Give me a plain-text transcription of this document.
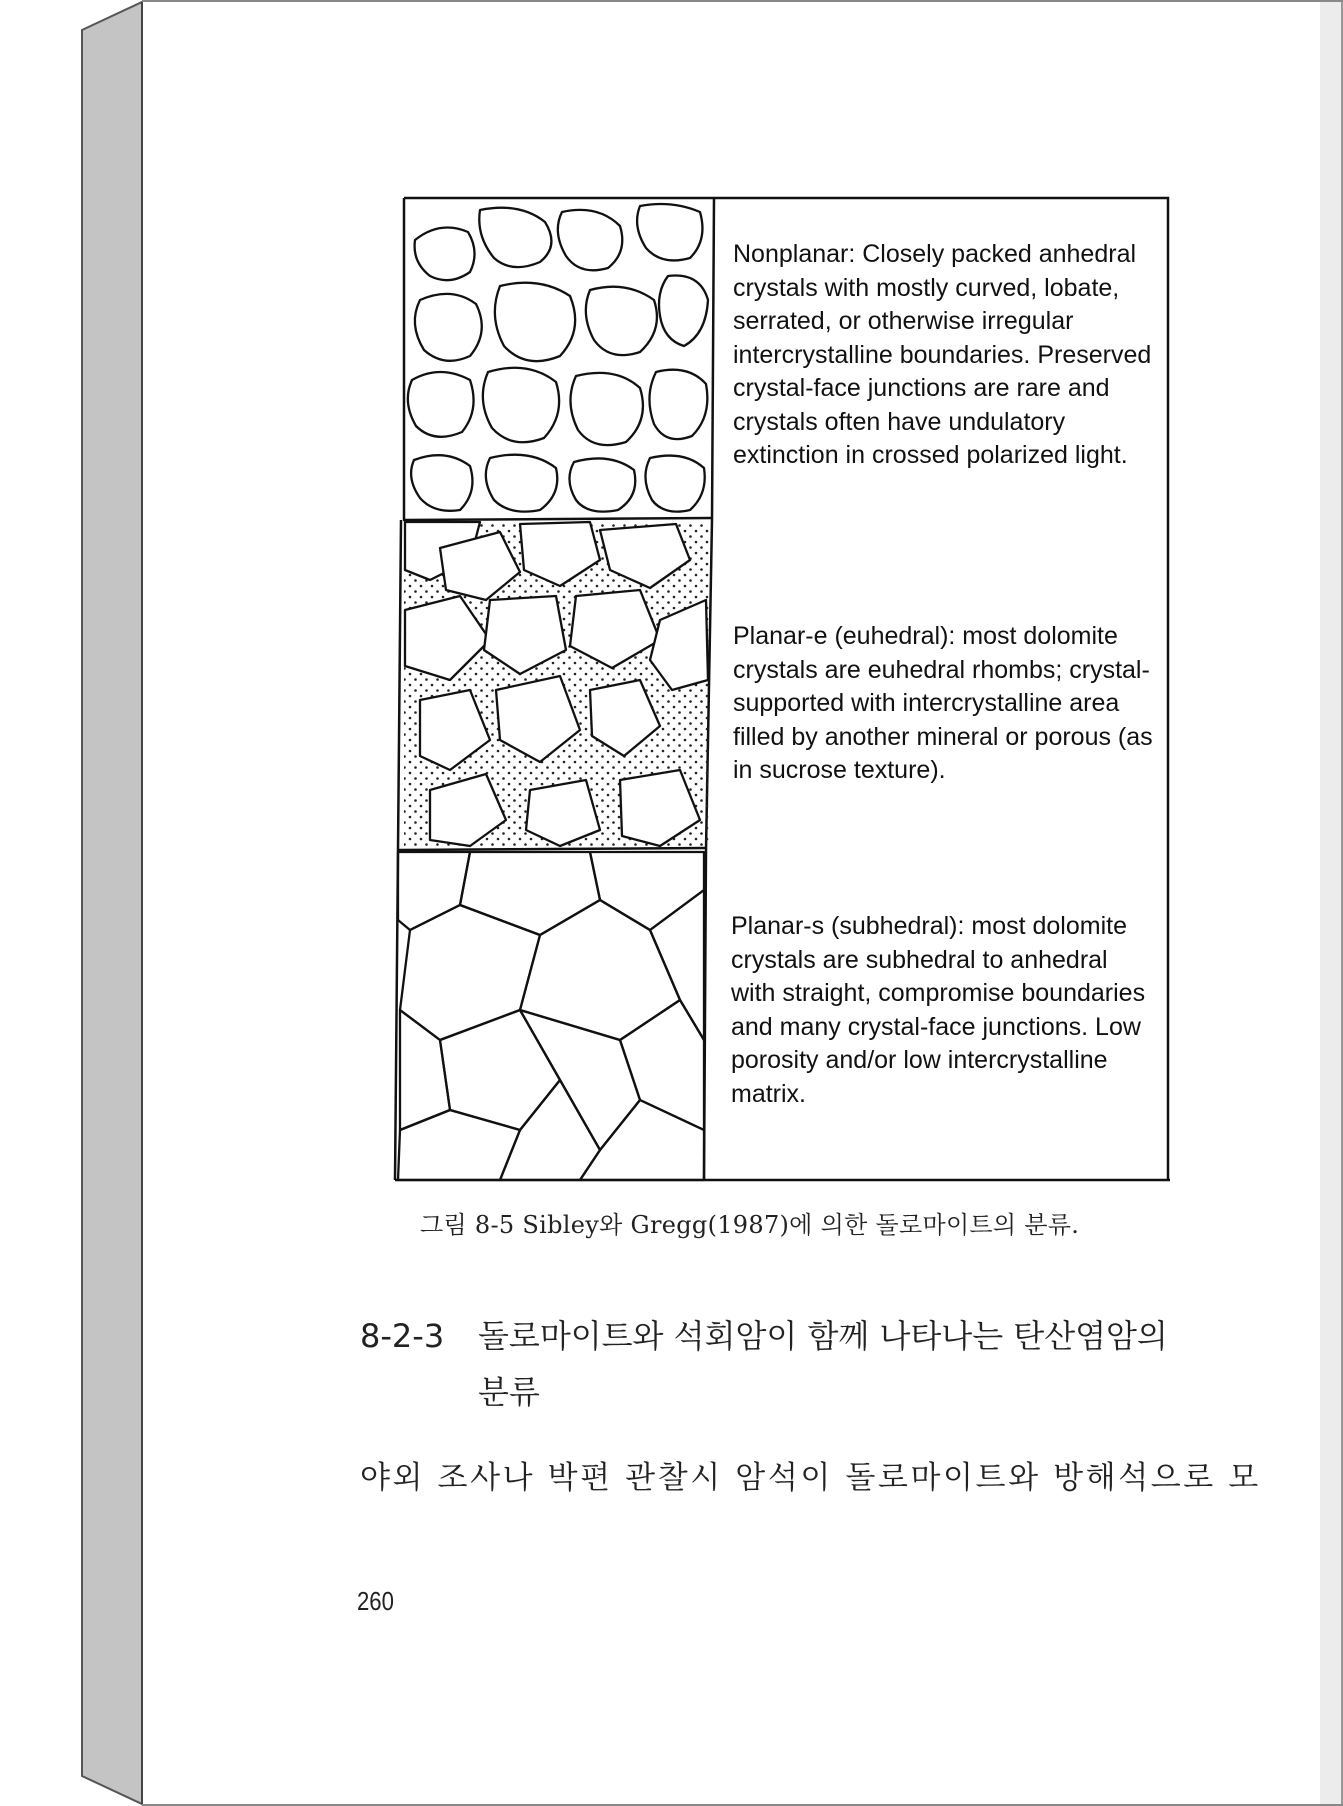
Nonplanar: Closely packed anhedral
crystals with mostly curved, lobate,
serrated, or otherwise irregular
intercrystalline boundaries. Preserved
crystal-face junctions are rare and
crystals often have undulatory
extinction in crossed polarized light.

Planar-e (euhedral): most dolomite
crystals are euhedral rhombs; crystal-
supported with intercrystalline area
filled by another mineral or porous (as
in sucrose texture).

Planar-s (subhedral): most dolomite
crystals are subhedral to anhedral
with straight, compromise boundaries
and many crystal-face junctions. Low
porosity and/or low intercrystalline
matrix.

그림 8-5 Sibley와 Gregg(1987)에 의한 돌로마이트의 분류.
8-2-3 돌로마이트와 석회암이 함께 나타나는 탄산염암의
분류
야외 조사나 박편 관찰시 암석이 돌로마이트와 방해석으로 모
260
